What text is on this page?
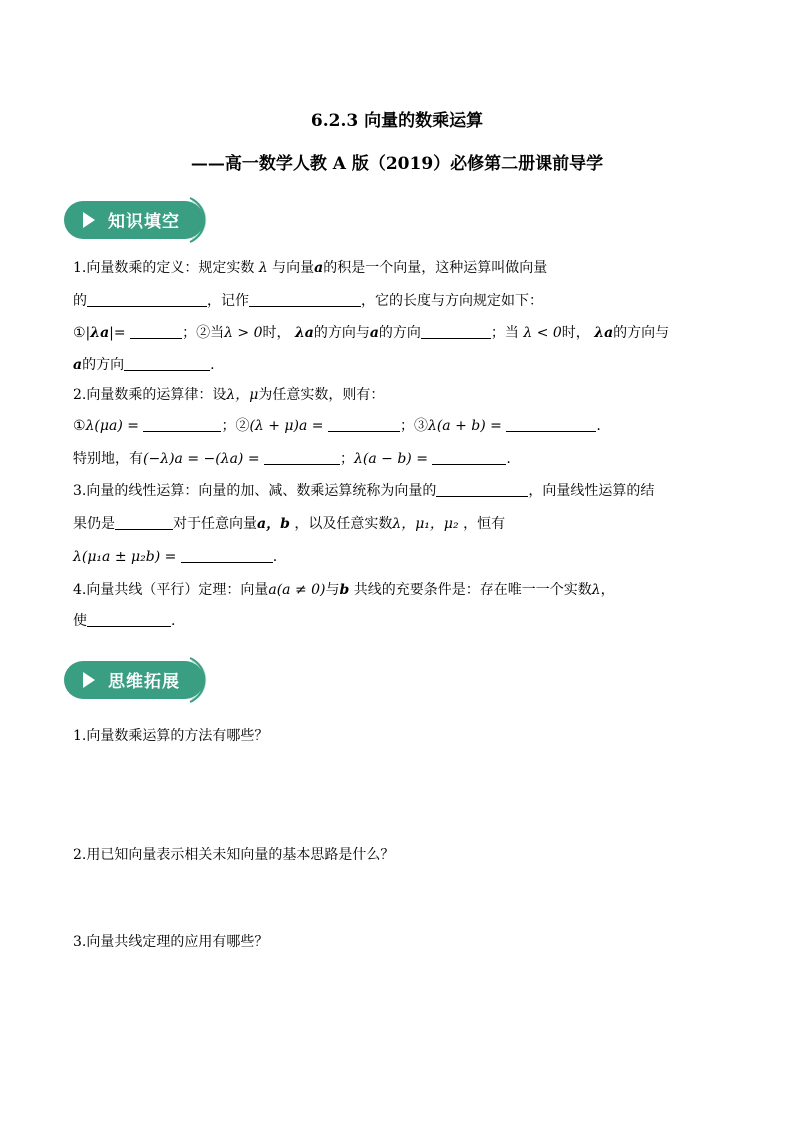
6.2.3 向量的数乘运算
——高一数学人教 A 版（2019）必修第二册课前导学
知识填空
1.向量数乘的定义：规定实数 λ 与向量a的积是一个向量，这种运算叫做向量
的	，记作	，它的长度与方向规定如下：
①|λa|=	；②当λ > 0时， λa的方向与a的方向	；当 λ < 0时， λa的方向与
a的方向	.
2.向量数乘的运算律：设λ，μ为任意实数，则有：
①λ(μa) =	；②(λ + μ)a =	；③λ(a + b) =	.
特别地，有(−λ)a = −(λa) =	；λ(a − b) =	.
3.向量的线性运算：向量的加、减、数乘运算统称为向量的	，向量线性运算的结
果仍是	对于任意向量a，b ，以及任意实数λ，μ₁，μ₂ ，恒有
λ(μ₁a ± μ₂b) =	.
4.向量共线（平行）定理：向量a(a ≠ 0)与b 共线的充要条件是：存在唯一一个实数λ，
使	.
思维拓展
1.向量数乘运算的方法有哪些？
2.用已知向量表示相关未知向量的基本思路是什么？
3.向量共线定理的应用有哪些？
